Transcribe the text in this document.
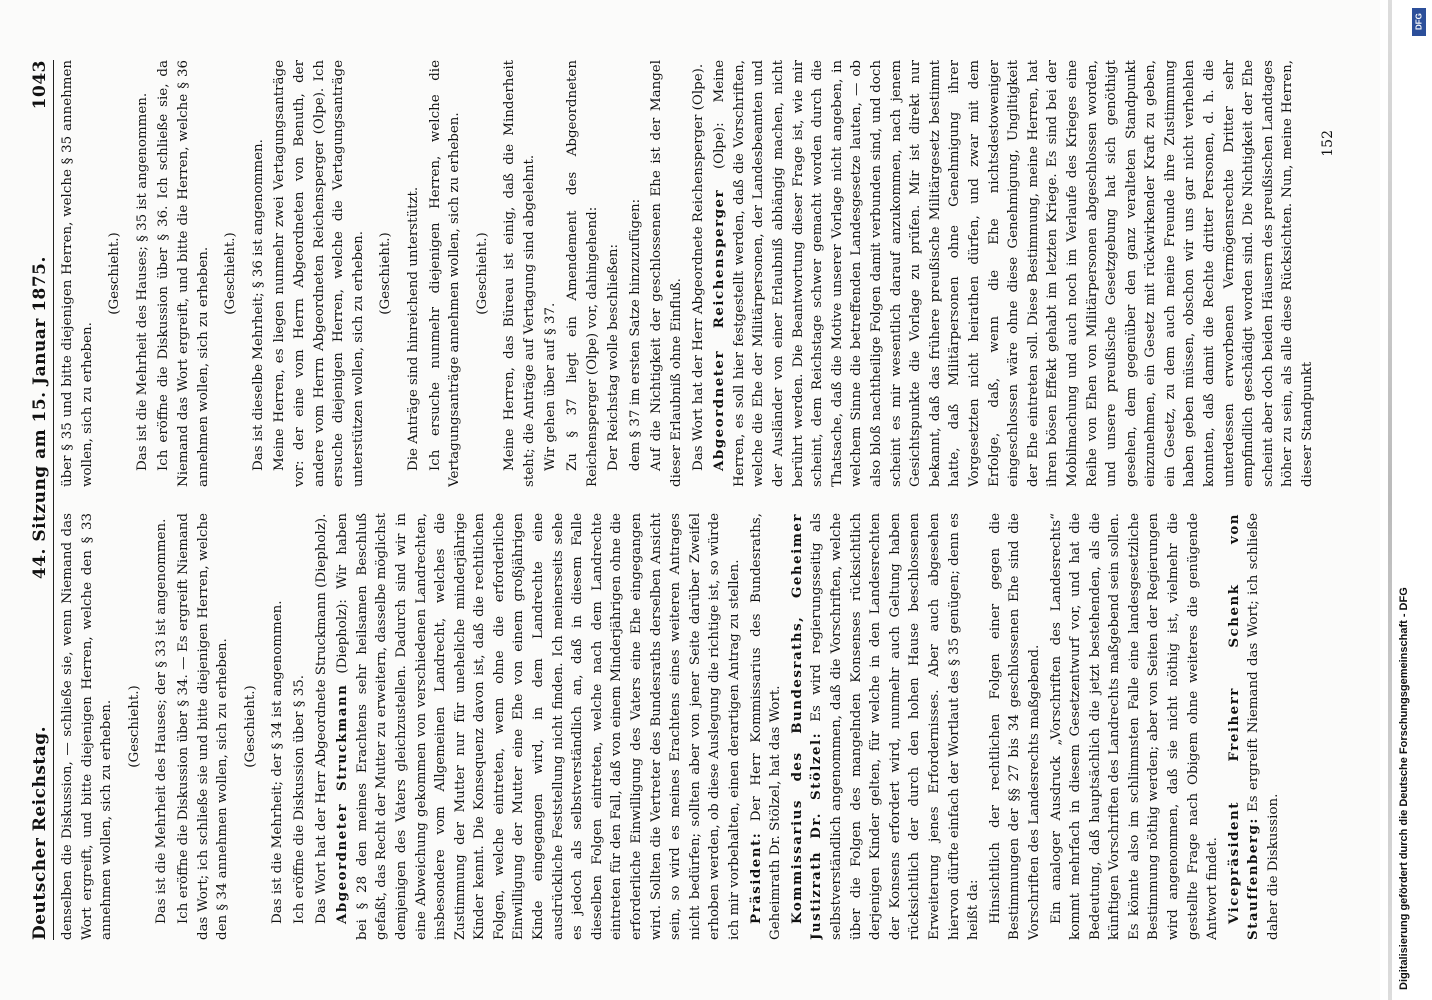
Deutscher Reichstag.
44. Sitzung am 15. Januar 1875.
1043

denselben die Diskussion, — schließe sie, wenn Niemand das Wort ergreift, und bitte diejenigen Herren, welche den § 33 annehmen wollen, sich zu erheben. (Geschieht.) Das ist die Mehrheit des Hauses; der § 33 ist angenommen. Ich eröffne die Diskussion über § 34. — Es ergreift Niemand das Wort; ich schließe sie und bitte diejenigen Herren, welche den § 34 annehmen wollen, sich zu erheben. (Geschieht.) Das ist die Mehrheit; der § 34 ist angenommen. Ich eröffne die Diskussion über § 35. Das Wort hat der Herr Abgeordnete Struckmann (Diepholz). Abgeordneter Struckmann (Diepholz): Wir haben bei § 28 den meines Erachtens sehr heilsamen Beschluß gefaßt, das Recht der Mutter zu erweitern, dasselbe möglichst demjenigen des Vaters gleichzustellen. Dadurch sind wir in eine Abweichung gekommen von verschiedenen Landrechten, insbesondere vom Allgemeinen Landrecht, welches die Zustimmung der Mutter nur für uneheliche minderjährige Kinder kennt. Die Konsequenz davon ist, daß die rechtlichen Folgen, welche eintreten, wenn ohne die erforderliche Einwilligung der Mutter eine Ehe von einem großjährigen Kinde eingegangen wird, in dem Landrechte eine ausdrückliche Feststellung nicht finden. Ich meinerseits sehe es jedoch als selbstverständlich an, daß in diesem Falle dieselben Folgen eintreten, welche nach dem Landrechte eintreten für den Fall, daß von einem Minderjährigen ohne die erforderliche Einwilligung des Vaters eine Ehe eingegangen wird. Sollten die Vertreter des Bundesraths derselben Ansicht sein, so wird es meines Erachtens eines weiteren Antrages nicht bedürfen; sollten aber von jener Seite darüber Zweifel erhoben werden, ob diese Auslegung die richtige ist, so würde ich mir vorbehalten, einen derartigen Antrag zu stellen. Präsident: Der Herr Kommissarius des Bundesraths, Geheimrath Dr. Stölzel, hat das Wort. Kommissarius des Bundesraths, Geheimer Justizrath Dr. Stölzel: Es wird regierungsseitig als selbstverständlich angenommen, daß die Vorschriften, welche über die Folgen des mangelnden Konsenses rücksichtlich derjenigen Kinder gelten, für welche in den Landesrechten der Konsens erfordert wird, nunmehr auch Geltung haben rücksichtlich der durch den hohen Hause beschlossenen Erweiterung jenes Erfordernisses. Aber auch abgesehen hiervon dürfte einfach der Wortlaut des § 35 genügen; denn es heißt da: Hinsichtlich der rechtlichen Folgen einer gegen die Bestimmungen der §§ 27 bis 34 geschlossenen Ehe sind die Vorschriften des Landesrechts maßgebend. Ein analoger Ausdruck „Vorschriften des Landesrechts“ kommt mehrfach in diesem Gesetzentwurf vor, und hat die Bedeutung, daß hauptsächlich die jetzt bestehenden, als die künftigen Vorschriften des Landrechts maßgebend sein sollen. Es könnte also im schlimmsten Falle eine landesgesetzliche Bestimmung nöthig werden; aber von Seiten der Regierungen wird angenommen, daß sie nicht nöthig ist, vielmehr die gestellte Frage nach Obigem ohne weiteres die genügende Antwort findet. Vicepräsident Freiherr Schenk von Stauffenberg: Es ergreift Niemand das Wort; ich schließe daher die Diskussion.

über § 35 und bitte diejenigen Herren, welche § 35 annehmen wollen, sich zu erheben.

(Geschieht.) Das ist die Mehrheit des Hauses; § 35 ist angenommen. Ich eröffne die Diskussion über § 36. Ich schließe sie, da Niemand das Wort ergreift, und bitte die Herren, welche § 36 annehmen wollen, sich zu erheben. (Geschieht.) Das ist dieselbe Mehrheit; § 36 ist angenommen. Meine Herren, es liegen nunmehr zwei Vertagungsanträge vor: der eine vom Herrn Abgeordneten von Benuth, der andere vom Herrn Abgeordneten Reichensperger (Olpe). Ich ersuche diejenigen Herren, welche die Vertagungsanträge unterstützen wollen, sich zu erheben. (Geschieht.) Die Anträge sind hinreichend unterstützt. Ich ersuche nunmehr diejenigen Herren, welche die Vertagungsanträge annehmen wollen, sich zu erheben. (Geschieht.) Meine Herren, das Büreau ist einig, daß die Minderheit steht; die Anträge auf Vertagung sind abgelehnt. Wir gehen über auf § 37. Zu § 37 liegt ein Amendement des Abgeordneten Reichensperger (Olpe) vor, dahingehend: Der Reichstag wolle beschließen: dem § 37 im ersten Satze hinzuzufügen: Auf die Nichtigkeit der geschlossenen Ehe ist der Mangel dieser Erlaubniß ohne Einfluß. Das Wort hat der Herr Abgeordnete Reichensperger (Olpe). Abgeordneter Reichensperger (Olpe): Meine Herren, es soll hier festgestellt werden, daß die Vorschriften, welche die Ehe der Militärpersonen, der Landesbeamten und der Ausländer von einer Erlaubniß abhängig machen, nicht berührt werden. Die Beantwortung dieser Frage ist, wie mir scheint, dem Reichstage schwer gemacht worden durch die Thatsache, daß die Motive unserer Vorlage nicht angeben, in welchem Sinne die betreffenden Landesgesetze lauten, — ob also bloß nachtheilige Folgen damit verbunden sind, und doch scheint es mir wesentlich darauf anzukommen, nach jenem Gesichtspunkte die Vorlage zu prüfen. Mir ist direkt nur bekannt, daß das frühere preußische Militärgesetz bestimmt hatte, daß Militärpersonen ohne Genehmigung ihrer Vorgesetzten nicht heirathen dürfen, und zwar mit dem Erfolge, daß, wenn die Ehe nichtsdestoweniger eingeschlossen wäre ohne diese Genehmigung, Ungiltigkeit der Ehe eintreten soll. Diese Bestimmung, meine Herren, hat ihren bösen Effekt gehabt im letzten Kriege. Es sind bei der Mobilmachung und auch noch im Verlaufe des Krieges eine Reihe von Ehen von Militärpersonen abgeschlossen worden, und unsere preußische Gesetzgebung hat sich genöthigt gesehen, dem gegenüber den ganz veralteten Standpunkt einzunehmen, ein Gesetz mit rückwirkender Kraft zu geben, ein Gesetz, zu dem auch meine Freunde ihre Zustimmung haben geben müssen, obschon wir uns gar nicht verhehlen konnten, daß damit die Rechte dritter Personen, d. h. die unterdessen erworbenen Vermögensrechte Dritter sehr empfindlich geschädigt worden sind. Die Nichtigkeit der Ehe scheint aber doch beiden Häusern des preußischen Landtages höher zu sein, als alle diese Rücksichten. Nun, meine Herren, dieser Standpunkt

152
Digitalisierung gefördert durch die Deutsche Forschungsgemeinschaft - DFG
DFG
